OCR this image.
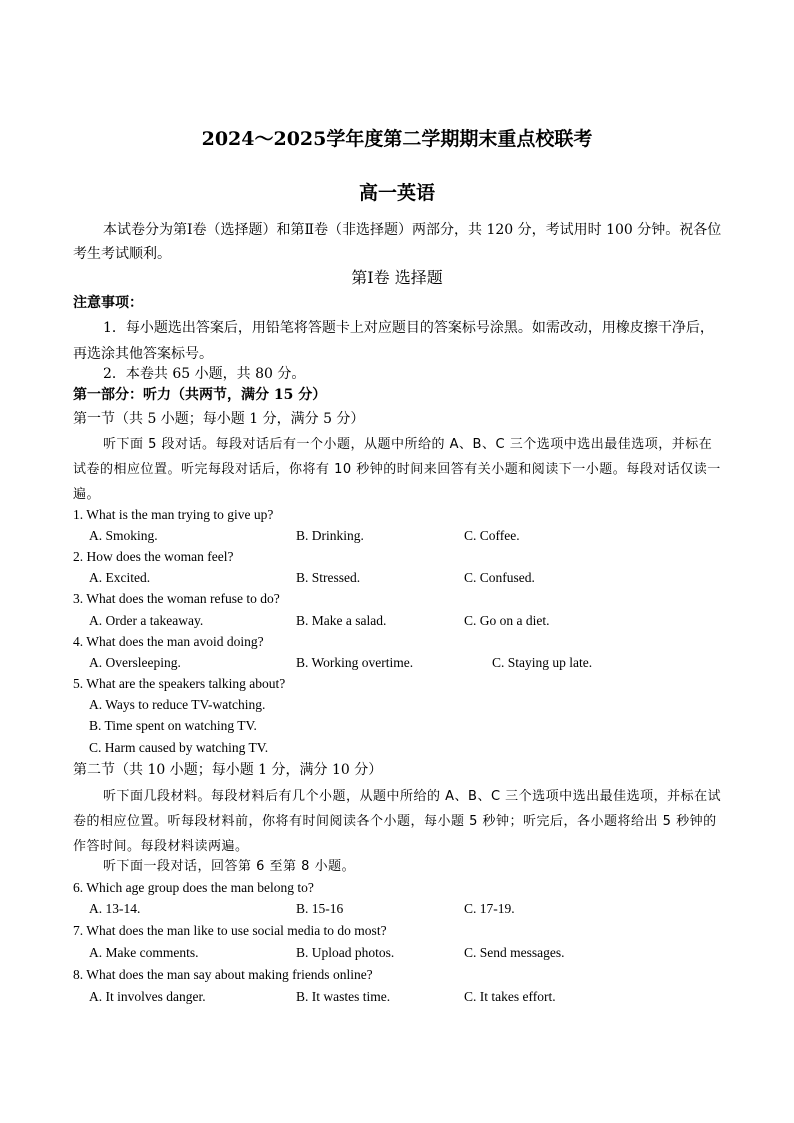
2024～2025学年度第二学期期末重点校联考
高一英语
本试卷分为第Ⅰ卷（选择题）和第Ⅱ卷（非选择题）两部分，共 120 分，考试用时 100 分钟。祝各位考生考试顺利。
第Ⅰ卷 选择题
注意事项：
1．每小题选出答案后，用铅笔将答题卡上对应题目的答案标号涂黑。如需改动，用橡皮擦干净后，再选涂其他答案标号。
2．本卷共 65 小题，共 80 分。
第一部分：听力（共两节，满分 15 分）
第一节（共 5 小题；每小题 1 分，满分 5 分）
听下面 5 段对话。每段对话后有一个小题，从题中所给的 A、B、C 三个选项中选出最佳选项，并标在试卷的相应位置。听完每段对话后，你将有 10 秒钟的时间来回答有关小题和阅读下一小题。每段对话仅读一遍。
1. What is the man trying to give up?
A. Smoking.	B. Drinking.	C. Coffee.
2. How does the woman feel?
A. Excited.	B. Stressed.	C. Confused.
3. What does the woman refuse to do?
A. Order a takeaway.	B. Make a salad.	C. Go on a diet.
4. What does the man avoid doing?
A. Oversleeping.	B. Working overtime.	C. Staying up late.
5. What are the speakers talking about?
A. Ways to reduce TV-watching.
B. Time spent on watching TV.
C. Harm caused by watching TV.
第二节（共 10 小题；每小题 1 分，满分 10 分）
听下面几段材料。每段材料后有几个小题，从题中所给的 A、B、C 三个选项中选出最佳选项，并标在试卷的相应位置。听每段材料前，你将有时间阅读各个小题，每小题 5 秒钟；听完后，各小题将给出 5 秒钟的作答时间。每段材料读两遍。
听下面一段对话，回答第 6 至第 8 小题。
6. Which age group does the man belong to?
A. 13-14.	B. 15-16	C. 17-19.
7. What does the man like to use social media to do most?
A. Make comments.	B. Upload photos.	C. Send messages.
8. What does the man say about making friends online?
A. It involves danger.	B. It wastes time.	C. It takes effort.
